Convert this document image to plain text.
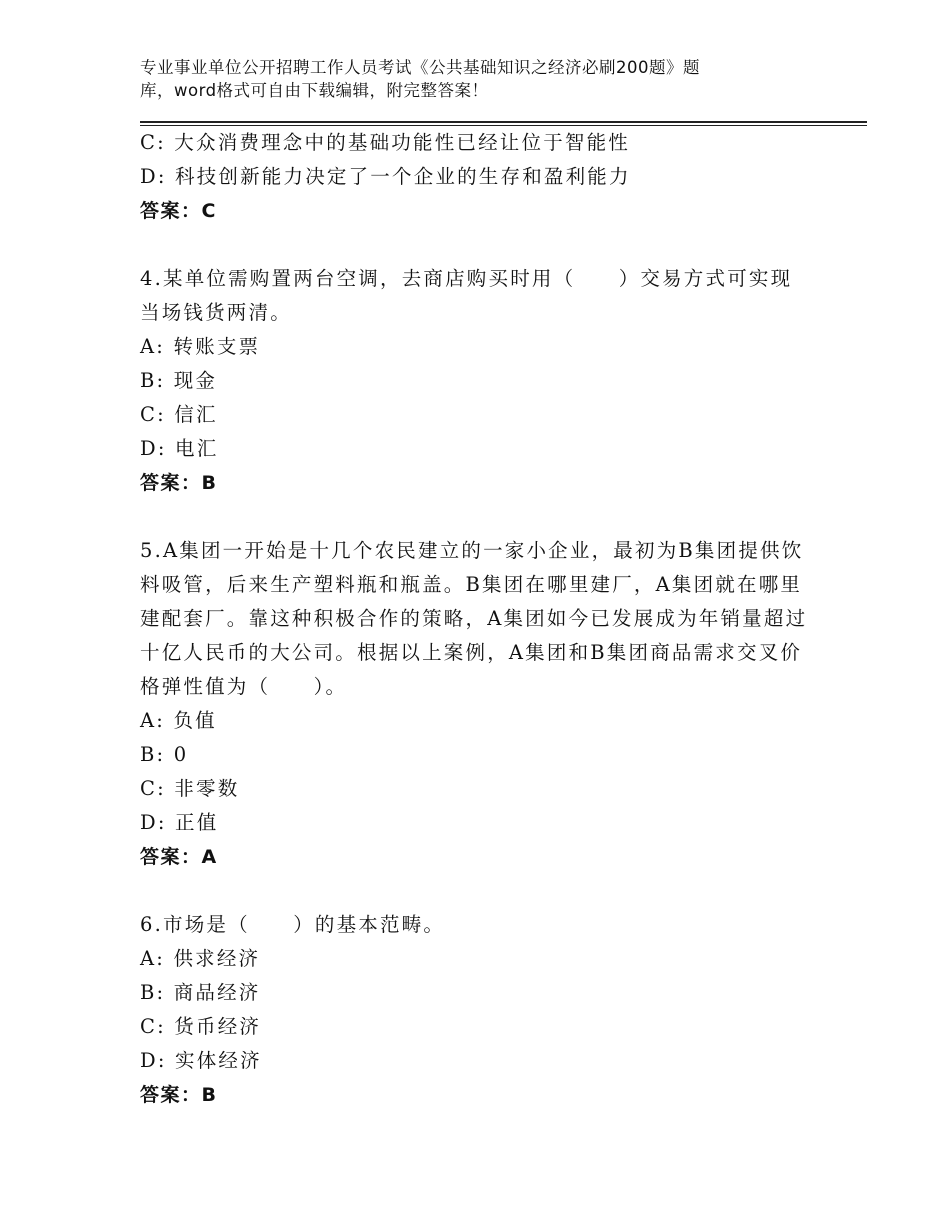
专业事业单位公开招聘工作人员考试《公共基础知识之经济必刷200题》题
库，word格式可自由下载编辑，附完整答案！
C: 大众消费理念中的基础功能性已经让位于智能性
D: 科技创新能力决定了一个企业的生存和盈利能力
答案：C
4.某单位需购置两台空调，去商店购买时用（　　）交易方式可实现
当场钱货两清。
A: 转账支票
B: 现金
C: 信汇
D: 电汇
答案：B
5.A集团一开始是十几个农民建立的一家小企业，最初为B集团提供饮
料吸管，后来生产塑料瓶和瓶盖。B集团在哪里建厂，A集团就在哪里
建配套厂。靠这种积极合作的策略，A集团如今已发展成为年销量超过
十亿人民币的大公司。根据以上案例，A集团和B集团商品需求交叉价
格弹性值为（　　）。
A: 负值
B: 0
C: 非零数
D: 正值
答案：A
6.市场是（　　）的基本范畴。
A: 供求经济
B: 商品经济
C: 货币经济
D: 实体经济
答案：B
